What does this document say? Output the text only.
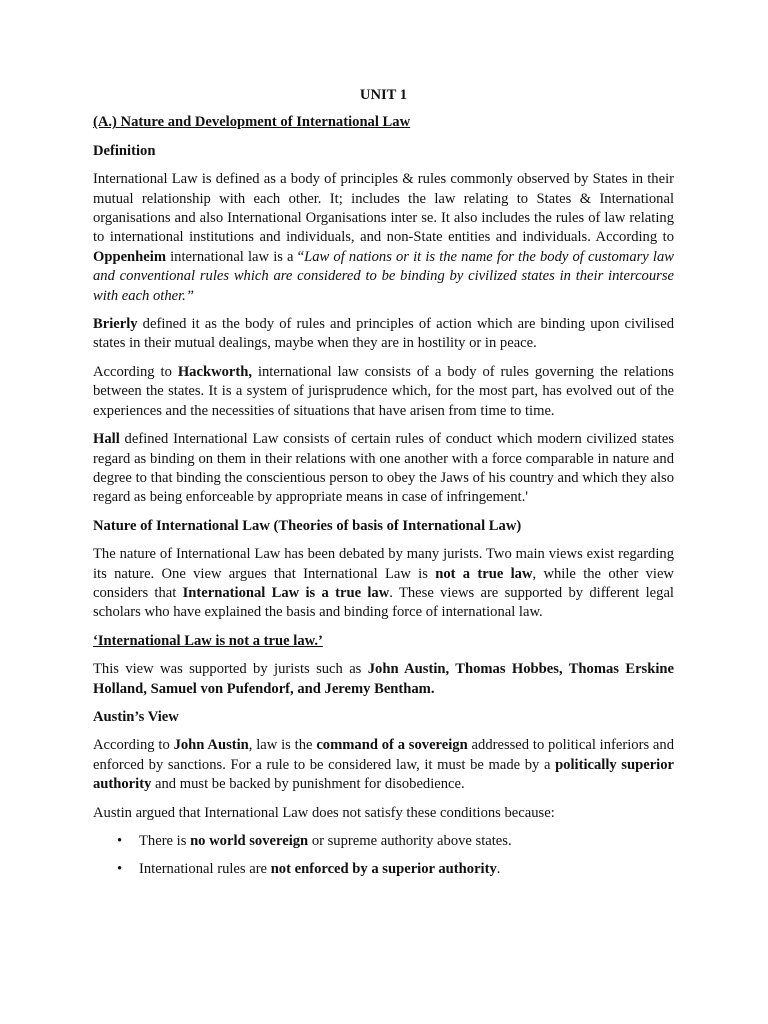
UNIT 1
(A.) Nature and Development of International Law
Definition

International Law is defined as a body of principles & rules commonly observed by States in their mutual relationship with each other. It; includes the law relating to States & International organisations and also International Organisations inter se. It also includes the rules of law relating to international institutions and individuals, and non-State entities and individuals. According to Oppenheim international law is a “Law of nations or it is the name for the body of customary law and conventional rules which are considered to be binding by civilized states in their intercourse with each other.”

Brierly defined it as the body of rules and principles of action which are binding upon civilised states in their mutual dealings, maybe when they are in hostility or in peace.

According to Hackworth, international law consists of a body of rules governing the relations between the states. It is a system of jurisprudence which, for the most part, has evolved out of the experiences and the necessities of situations that have arisen from time to time.

Hall defined International Law consists of certain rules of conduct which modern civilized states regard as binding on them in their relations with one another with a force comparable in nature and degree to that binding the conscientious person to obey the Jaws of his country and which they also regard as being enforceable by appropriate means in case of infringement.'

Nature of International Law (Theories of basis of International Law)

The nature of International Law has been debated by many jurists. Two main views exist regarding its nature. One view argues that International Law is not a true law, while the other view considers that International Law is a true law. These views are supported by different legal scholars who have explained the basis and binding force of international law.

‘International Law is not a true law.’

This view was supported by jurists such as John Austin, Thomas Hobbes, Thomas Erskine Holland, Samuel von Pufendorf, and Jeremy Bentham.

Austin’s View

According to John Austin, law is the command of a sovereign addressed to political inferiors and enforced by sanctions. For a rule to be considered law, it must be made by a politically superior authority and must be backed by punishment for disobedience.

Austin argued that International Law does not satisfy these conditions because:

• There is no world sovereign or supreme authority above states.
• International rules are not enforced by a superior authority.
